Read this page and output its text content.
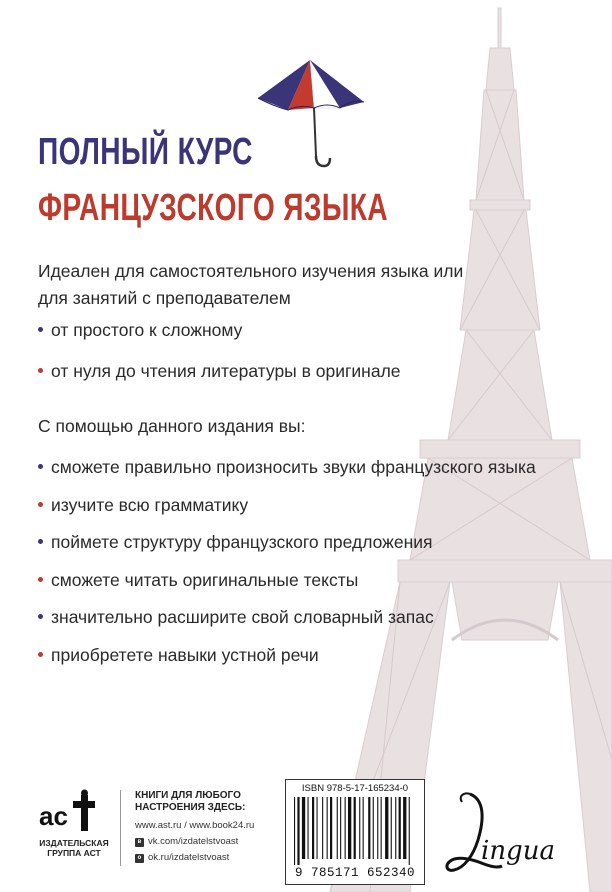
ПОЛНЫЙ КУРС
ФРАНЦУЗСКОГО ЯЗЫКА
Идеален для самостоятельного изучения языка или для занятий с преподавателем
от простого к сложному
от нуля до чтения литературы в оригинале
С помощью данного издания вы:
сможете правильно произносить звуки французского языка
изучите всю грамматику
поймете структуру французского предложения
сможете читать оригинальные тексты
значительно расширите свой словарный запас
приобретете навыки устной речи
ac
ИЗДАТЕЛЬСКАЯ ГРУППА АСТ
КНИГИ ДЛЯ ЛЮБОГО НАСТРОЕНИЯ ЗДЕСЬ:
www.ast.ru / www.book24.ru
в vk.com/izdatelstvoast
о ok.ru/izdatelstvoast
ISBN 978-5-17-165234-0
9 785171 652340
ingua
